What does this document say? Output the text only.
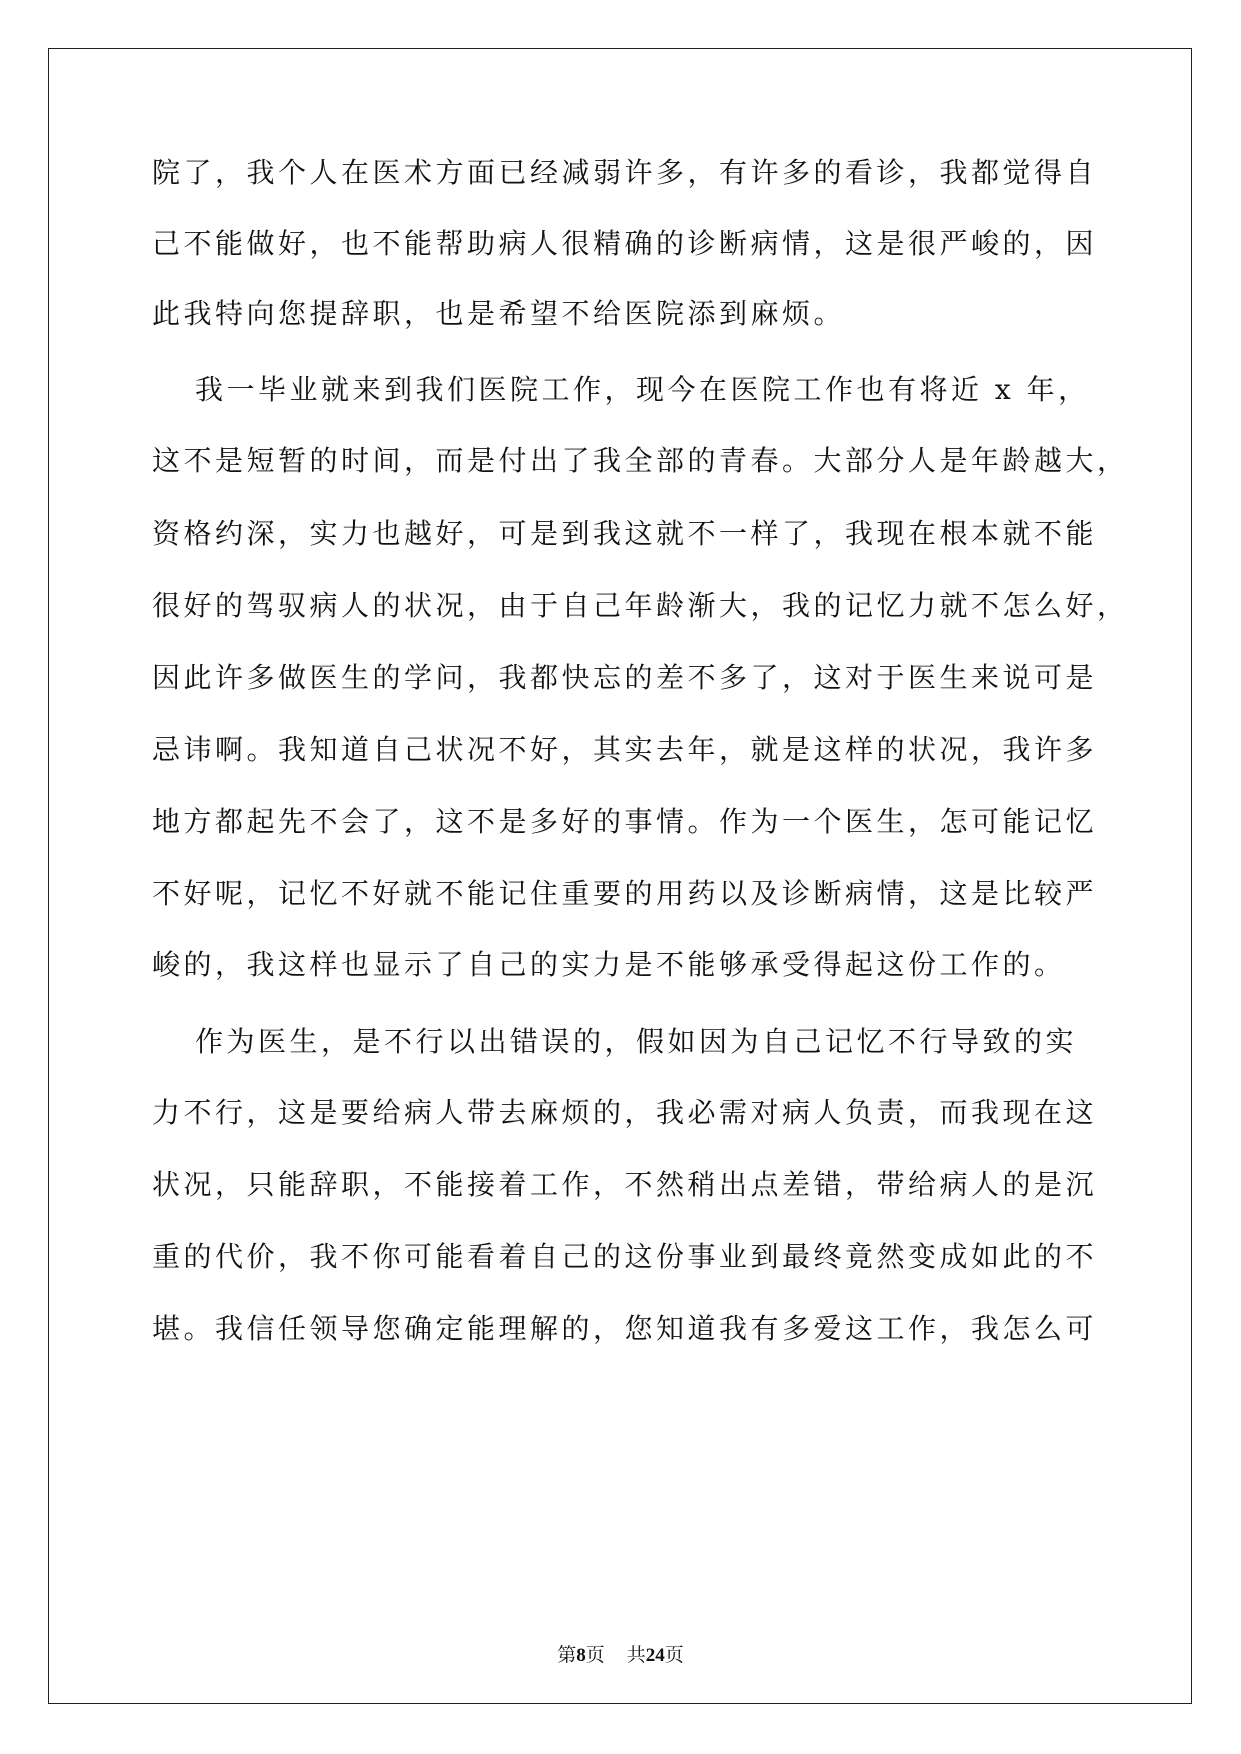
院了，我个人在医术方面已经减弱许多，有许多的看诊，我都觉得自
己不能做好，也不能帮助病人很精确的诊断病情，这是很严峻的，因
此我特向您提辞职，也是希望不给医院添到麻烦。
我一毕业就来到我们医院工作，现今在医院工作也有将近 x 年，
这不是短暂的时间，而是付出了我全部的青春。大部分人是年龄越大，
资格约深，实力也越好，可是到我这就不一样了，我现在根本就不能
很好的驾驭病人的状况，由于自己年龄渐大，我的记忆力就不怎么好，
因此许多做医生的学问，我都快忘的差不多了，这对于医生来说可是
忌讳啊。我知道自己状况不好，其实去年，就是这样的状况，我许多
地方都起先不会了，这不是多好的事情。作为一个医生，怎可能记忆
不好呢，记忆不好就不能记住重要的用药以及诊断病情，这是比较严
峻的，我这样也显示了自己的实力是不能够承受得起这份工作的。
作为医生，是不行以出错误的，假如因为自己记忆不行导致的实
力不行，这是要给病人带去麻烦的，我必需对病人负责，而我现在这
状况，只能辞职，不能接着工作，不然稍出点差错，带给病人的是沉
重的代价，我不你可能看着自己的这份事业到最终竟然变成如此的不
堪。我信任领导您确定能理解的，您知道我有多爱这工作，我怎么可
第8页 共24页
